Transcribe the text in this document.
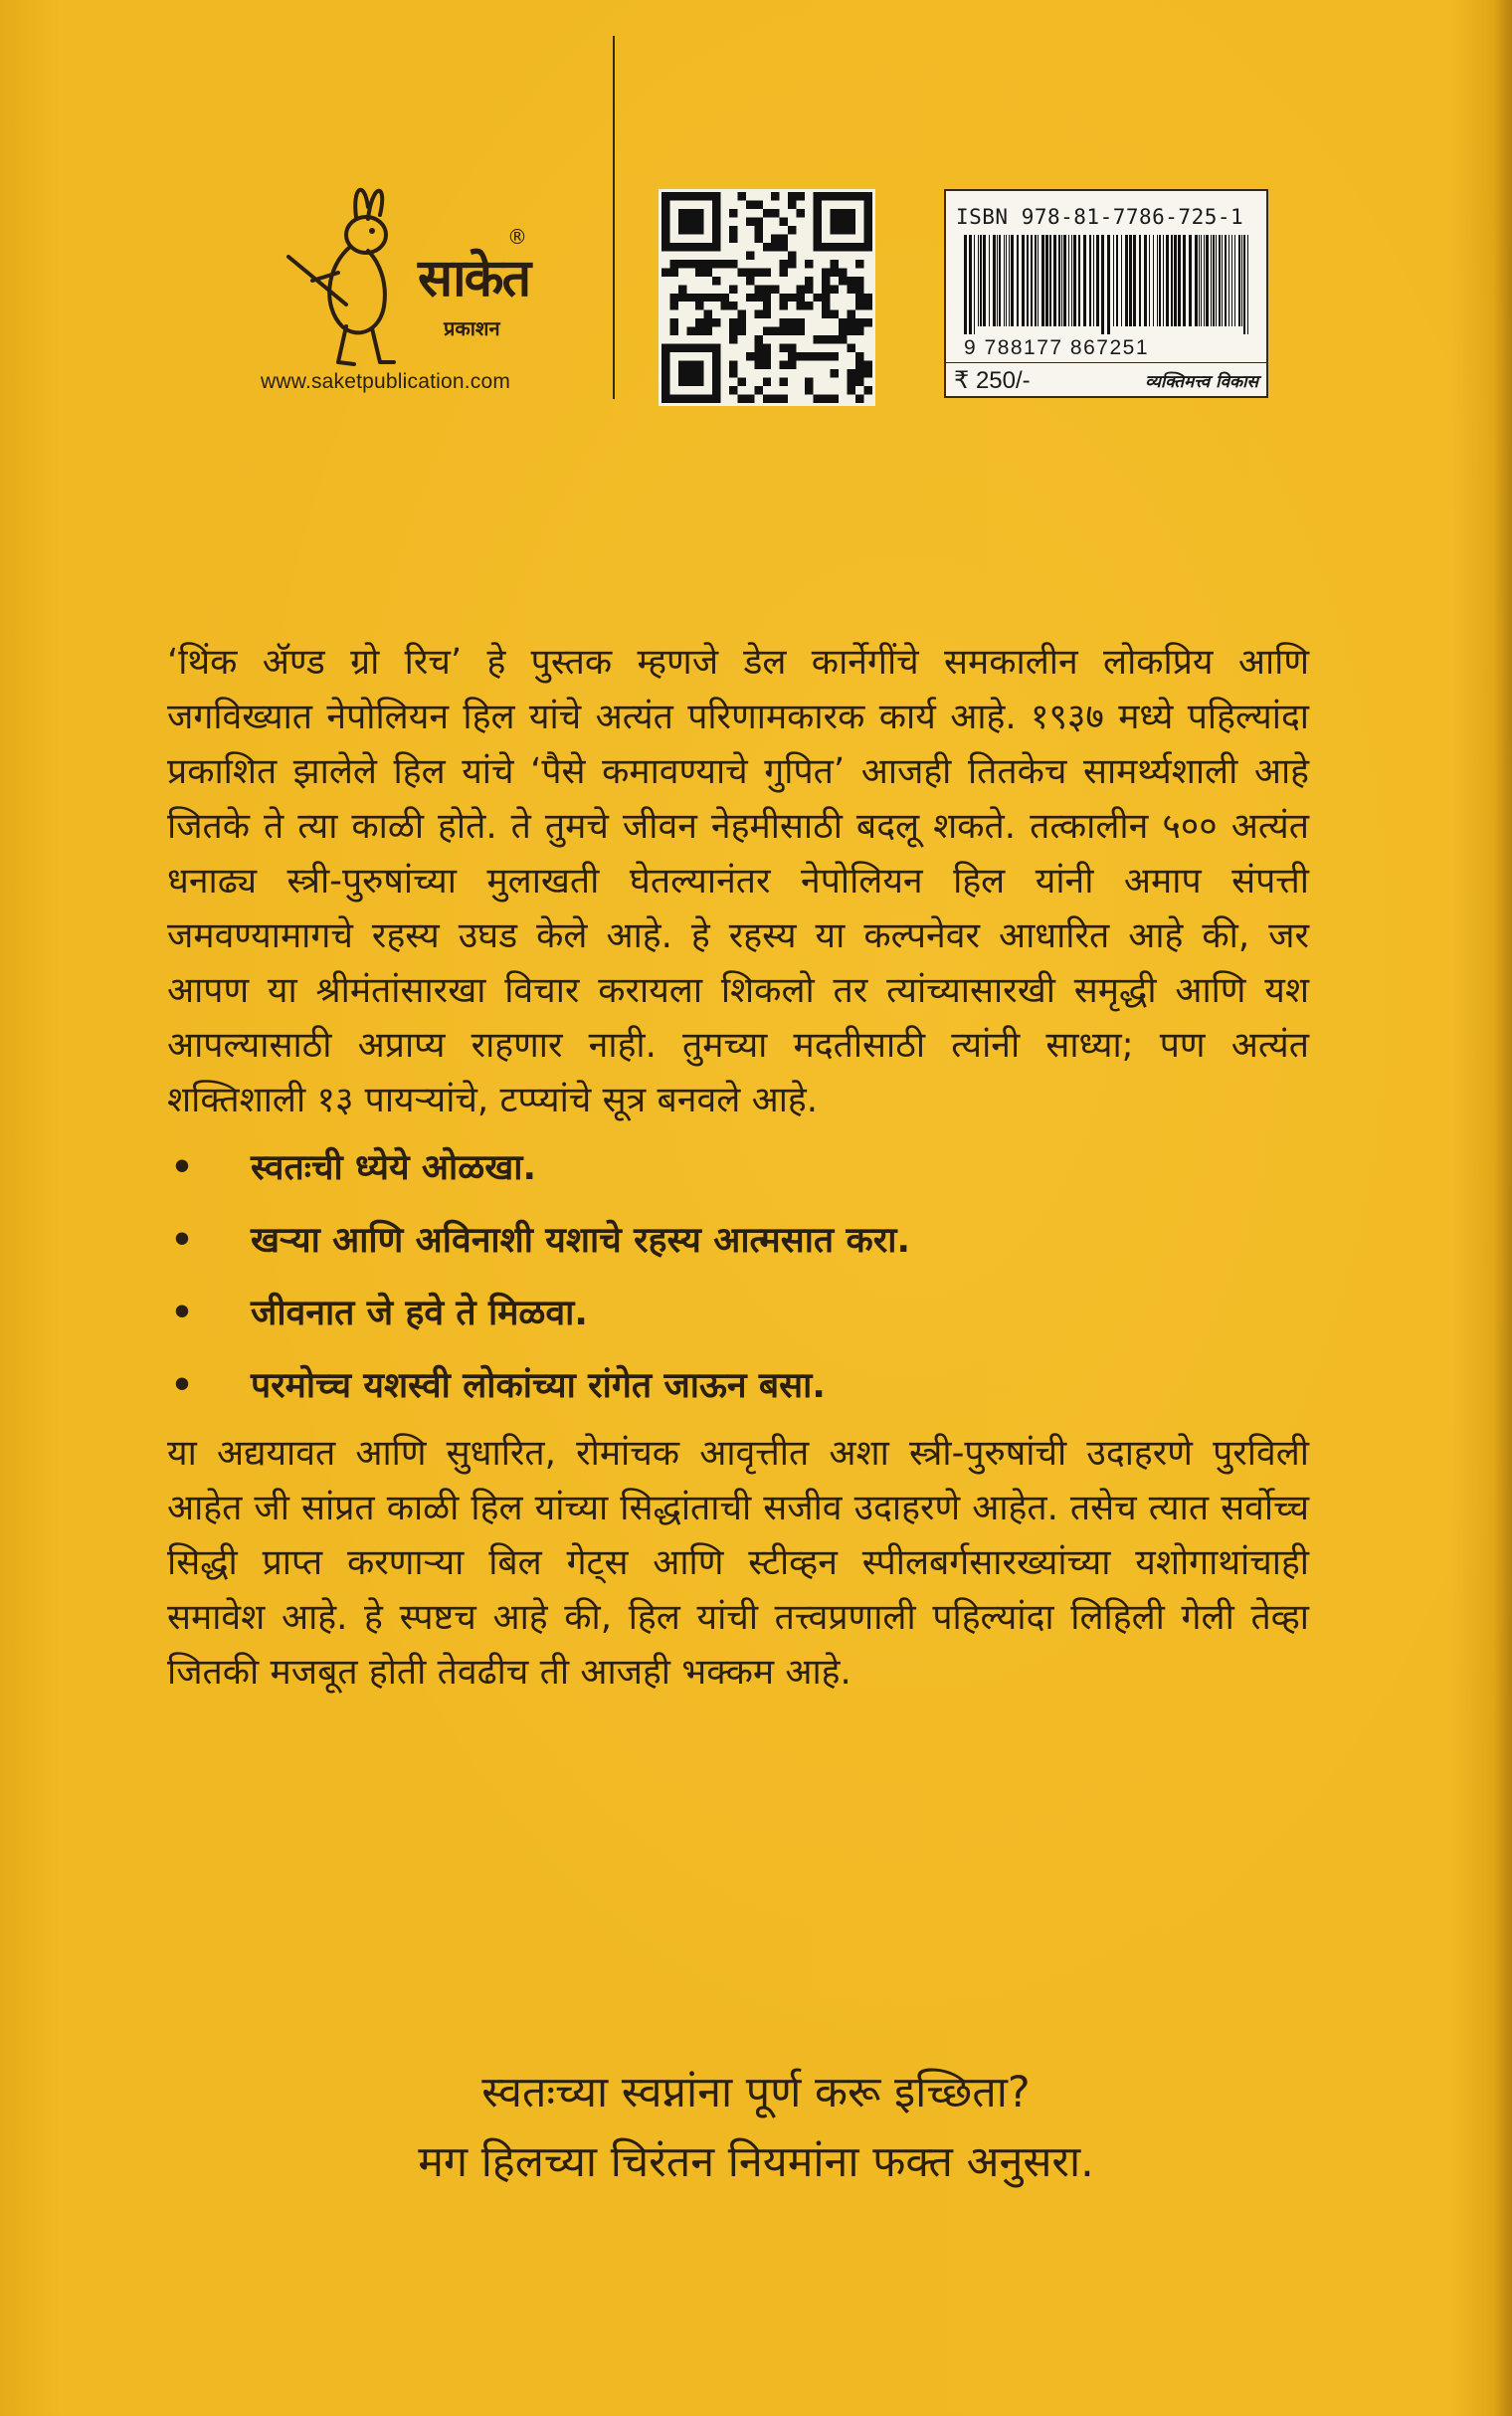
साकेत
®
प्रकाशन
www.saketpublication.com
ISBN 978-81-7786-725-1
9 788177 867251
₹ 250/-	व्यक्तिमत्त्व विकास

‘थिंक ॲण्ड ग्रो रिच’ हे पुस्तक म्हणजे डेल कार्नेगींचे समकालीन लोकप्रिय आणि जगविख्यात नेपोलियन हिल यांचे अत्यंत परिणामकारक कार्य आहे. १९३७ मध्ये पहिल्यांदा प्रकाशित झालेले हिल यांचे ‘पैसे कमावण्याचे गुपित’ आजही तितकेच सामर्थ्यशाली आहे जितके ते त्या काळी होते. ते तुमचे जीवन नेहमीसाठी बदलू शकते. तत्कालीन ५०० अत्यंत धनाढ्य स्त्री-पुरुषांच्या मुलाखती घेतल्यानंतर नेपोलियन हिल यांनी अमाप संपत्ती जमवण्यामागचे रहस्य उघड केले आहे. हे रहस्य या कल्पनेवर आधारित आहे की, जर आपण या श्रीमंतांसारखा विचार करायला शिकलो तर त्यांच्यासारखी समृद्धी आणि यश आपल्यासाठी अप्राप्य राहणार नाही. तुमच्या मदतीसाठी त्यांनी साध्या; पण अत्यंत शक्तिशाली १३ पायऱ्यांचे, टप्प्यांचे सूत्र बनवले आहे.

• स्वतःची ध्येये ओळखा.
• खऱ्या आणि अविनाशी यशाचे रहस्य आत्मसात करा.
• जीवनात जे हवे ते मिळवा.
• परमोच्च यशस्वी लोकांच्या रांगेत जाऊन बसा.

या अद्ययावत आणि सुधारित, रोमांचक आवृत्तीत अशा स्त्री-पुरुषांची उदाहरणे पुरविली आहेत जी सांप्रत काळी हिल यांच्या सिद्धांताची सजीव उदाहरणे आहेत. तसेच त्यात सर्वोच्च सिद्धी प्राप्त करणाऱ्या बिल गेट्स आणि स्टीव्हन स्पीलबर्गसारख्यांच्या यशोगाथांचाही समावेश आहे. हे स्पष्टच आहे की, हिल यांची तत्त्वप्रणाली पहिल्यांदा लिहिली गेली तेव्हा जितकी मजबूत होती तेवढीच ती आजही भक्कम आहे.

स्वतःच्या स्वप्नांना पूर्ण करू इच्छिता?
मग हिलच्या चिरंतन नियमांना फक्त अनुसरा.
